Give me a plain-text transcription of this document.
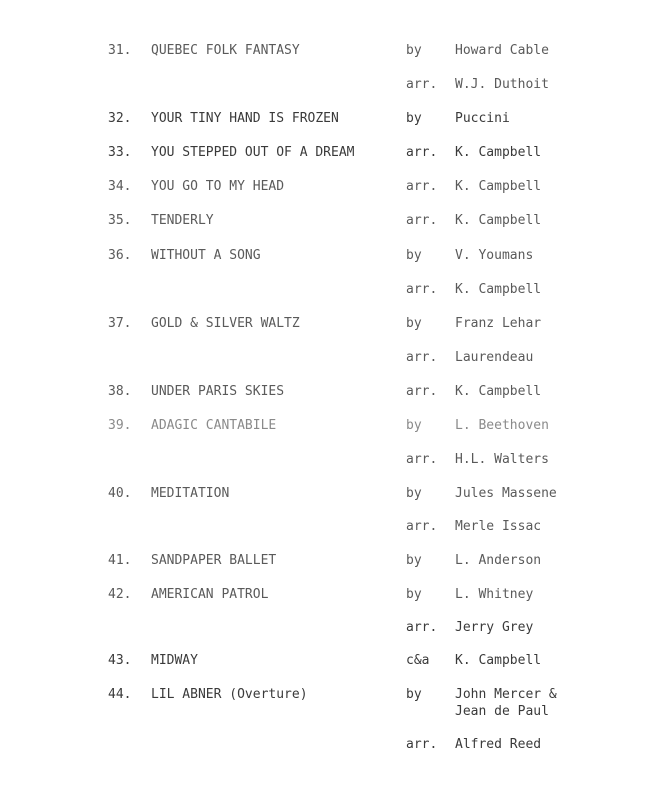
31. QUEBEC FOLK FANTASY	by	Howard Cable
arr. W.J. Duthoit
32. YOUR TINY HAND IS FROZEN	by	Puccini
33. YOU STEPPED OUT OF A DREAM	arr. K. Campbell
34. YOU GO TO MY HEAD	arr. K. Campbell
35. TENDERLY	arr. K. Campbell
36. WITHOUT A SONG	by	V. Youmans
arr. K. Campbell
37. GOLD & SILVER WALTZ	by	Franz Lehar
arr. Laurendeau
38. UNDER PARIS SKIES	arr. K. Campbell
39. ADAGIC CANTABILE	by	L. Beethoven
arr. H.L. Walters
40. MEDITATION	by	Jules Massene
arr. Merle Issac
41. SANDPAPER BALLET	by	L. Anderson
42. AMERICAN PATROL	by	L. Whitney
arr. Jerry Grey
43. MIDWAY	c&a K. Campbell
44. LIL ABNER (Overture)	by	John Mercer &
Jean de Paul
arr. Alfred Reed
